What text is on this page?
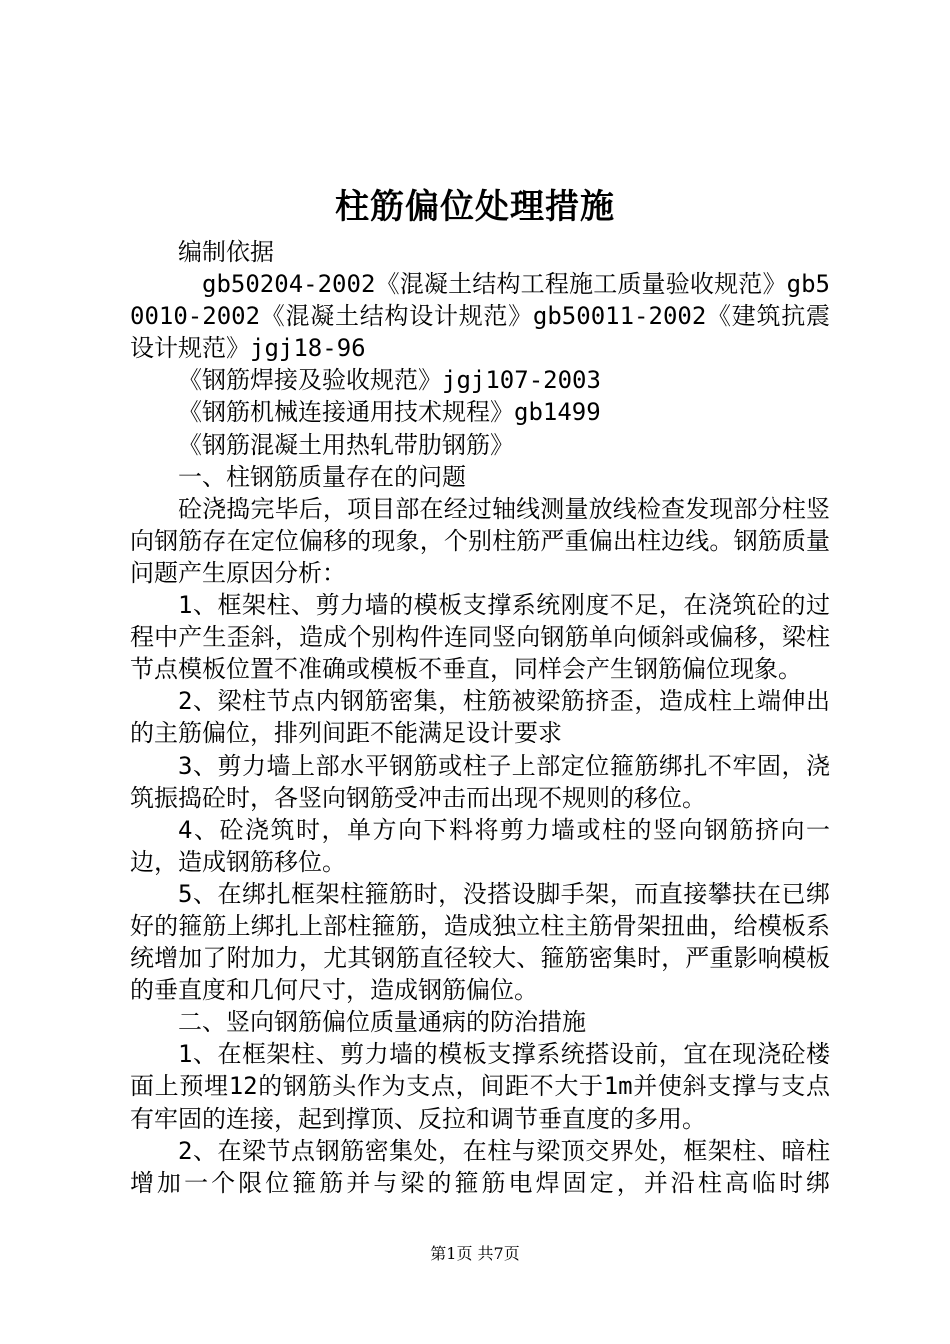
柱筋偏位处理措施

编制依据

gb50204-2002《混凝土结构工程施工质量验收规范》gb50010-2002《混凝土结构设计规范》gb50011-2002《建筑抗震设计规范》jgj18-96

《钢筋焊接及验收规范》jgj107-2003

《钢筋机械连接通用技术规程》gb1499

《钢筋混凝土用热轧带肋钢筋》

一、柱钢筋质量存在的问题

砼浇捣完毕后，项目部在经过轴线测量放线检查发现部分柱竖向钢筋存在定位偏移的现象，个别柱筋严重偏出柱边线。钢筋质量问题产生原因分析：

1、框架柱、剪力墙的模板支撑系统刚度不足，在浇筑砼的过程中产生歪斜，造成个别构件连同竖向钢筋单向倾斜或偏移，梁柱节点模板位置不准确或模板不垂直，同样会产生钢筋偏位现象。

2、梁柱节点内钢筋密集，柱筋被梁筋挤歪，造成柱上端伸出的主筋偏位，排列间距不能满足设计要求

3、剪力墙上部水平钢筋或柱子上部定位箍筋绑扎不牢固，浇筑振捣砼时，各竖向钢筋受冲击而出现不规则的移位。

4、砼浇筑时，单方向下料将剪力墙或柱的竖向钢筋挤向一边，造成钢筋移位。

5、在绑扎框架柱箍筋时，没搭设脚手架，而直接攀扶在已绑好的箍筋上绑扎上部柱箍筋，造成独立柱主筋骨架扭曲，给模板系统增加了附加力，尤其钢筋直径较大、箍筋密集时，严重影响模板的垂直度和几何尺寸，造成钢筋偏位。

二、竖向钢筋偏位质量通病的防治措施

1、在框架柱、剪力墙的模板支撑系统搭设前，宜在现浇砼楼面上预埋12的钢筋头作为支点，间距不大于1m并使斜支撑与支点有牢固的连接，起到撑顶、反拉和调节垂直度的多用。

2、在梁节点钢筋密集处，在柱与梁顶交界处，框架柱、暗柱增加一个限位箍筋并与梁的箍筋电焊固定，并沿柱高临时绑

第1页 共7页
